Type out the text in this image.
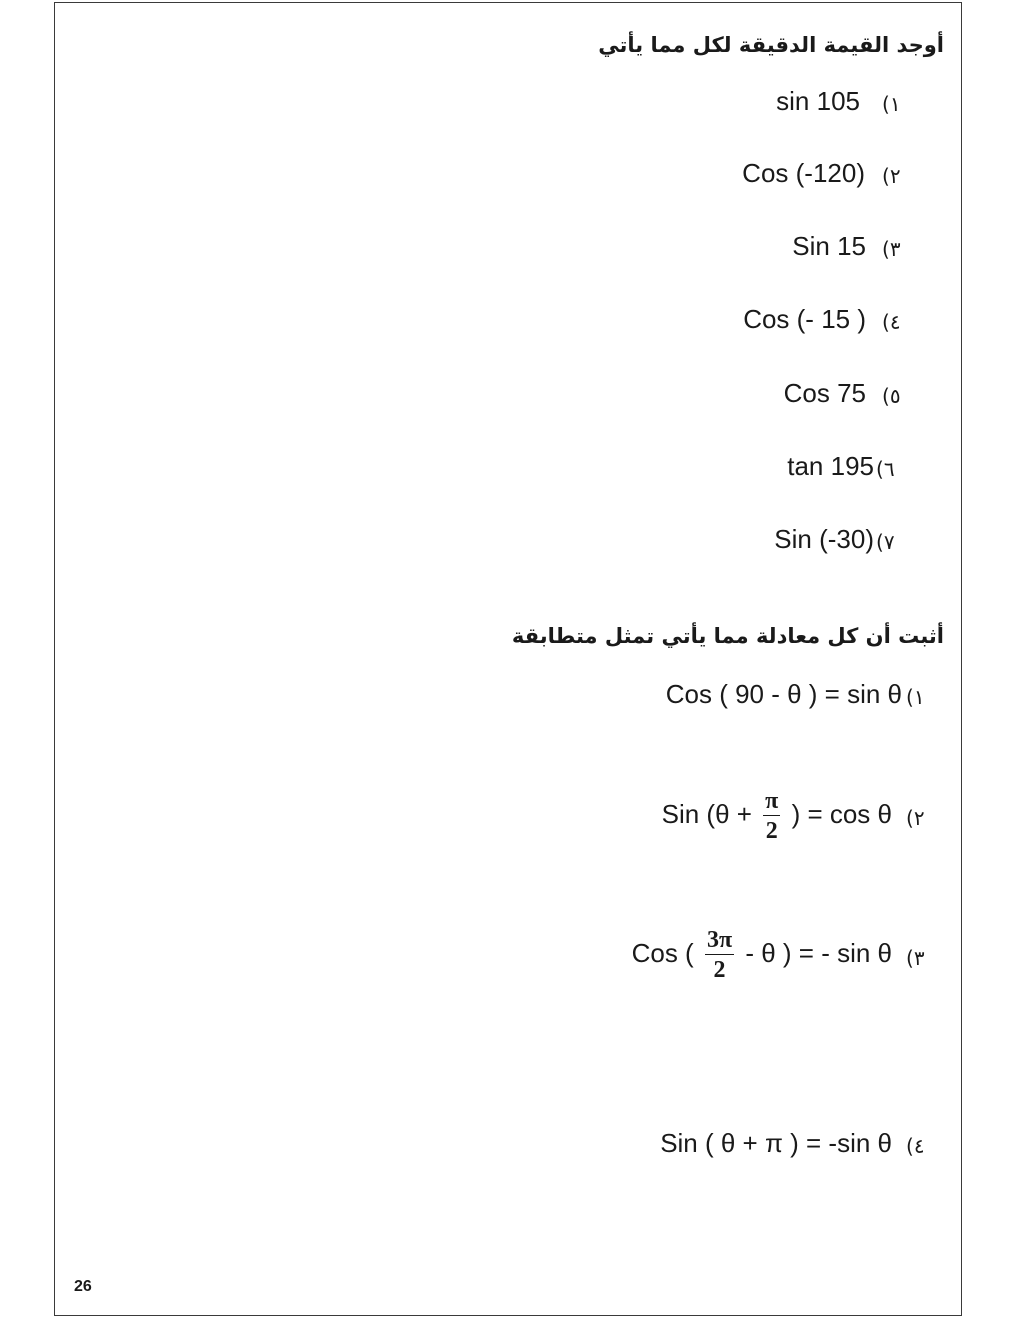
أوجد القيمة الدقيقة لكل مما يأتي
sin 105 (١
Cos (-120) (٢
Sin 15 (٣
Cos (- 15 ) (٤
Cos 75 (٥
tan 195 (٦
Sin (-30) (٧
أثبت أن كل معادلة مما يأتي تمثل متطابقة
Cos ( 90 - θ ) = sin θ (١
Sin ($\theta + \frac{\pi}{2}$ ) = cos θ (٢
Cos ( $\frac{3\pi}{2}$ - θ ) = - sin θ (٣
Sin ( θ + π ) = -sin θ (٤
26
